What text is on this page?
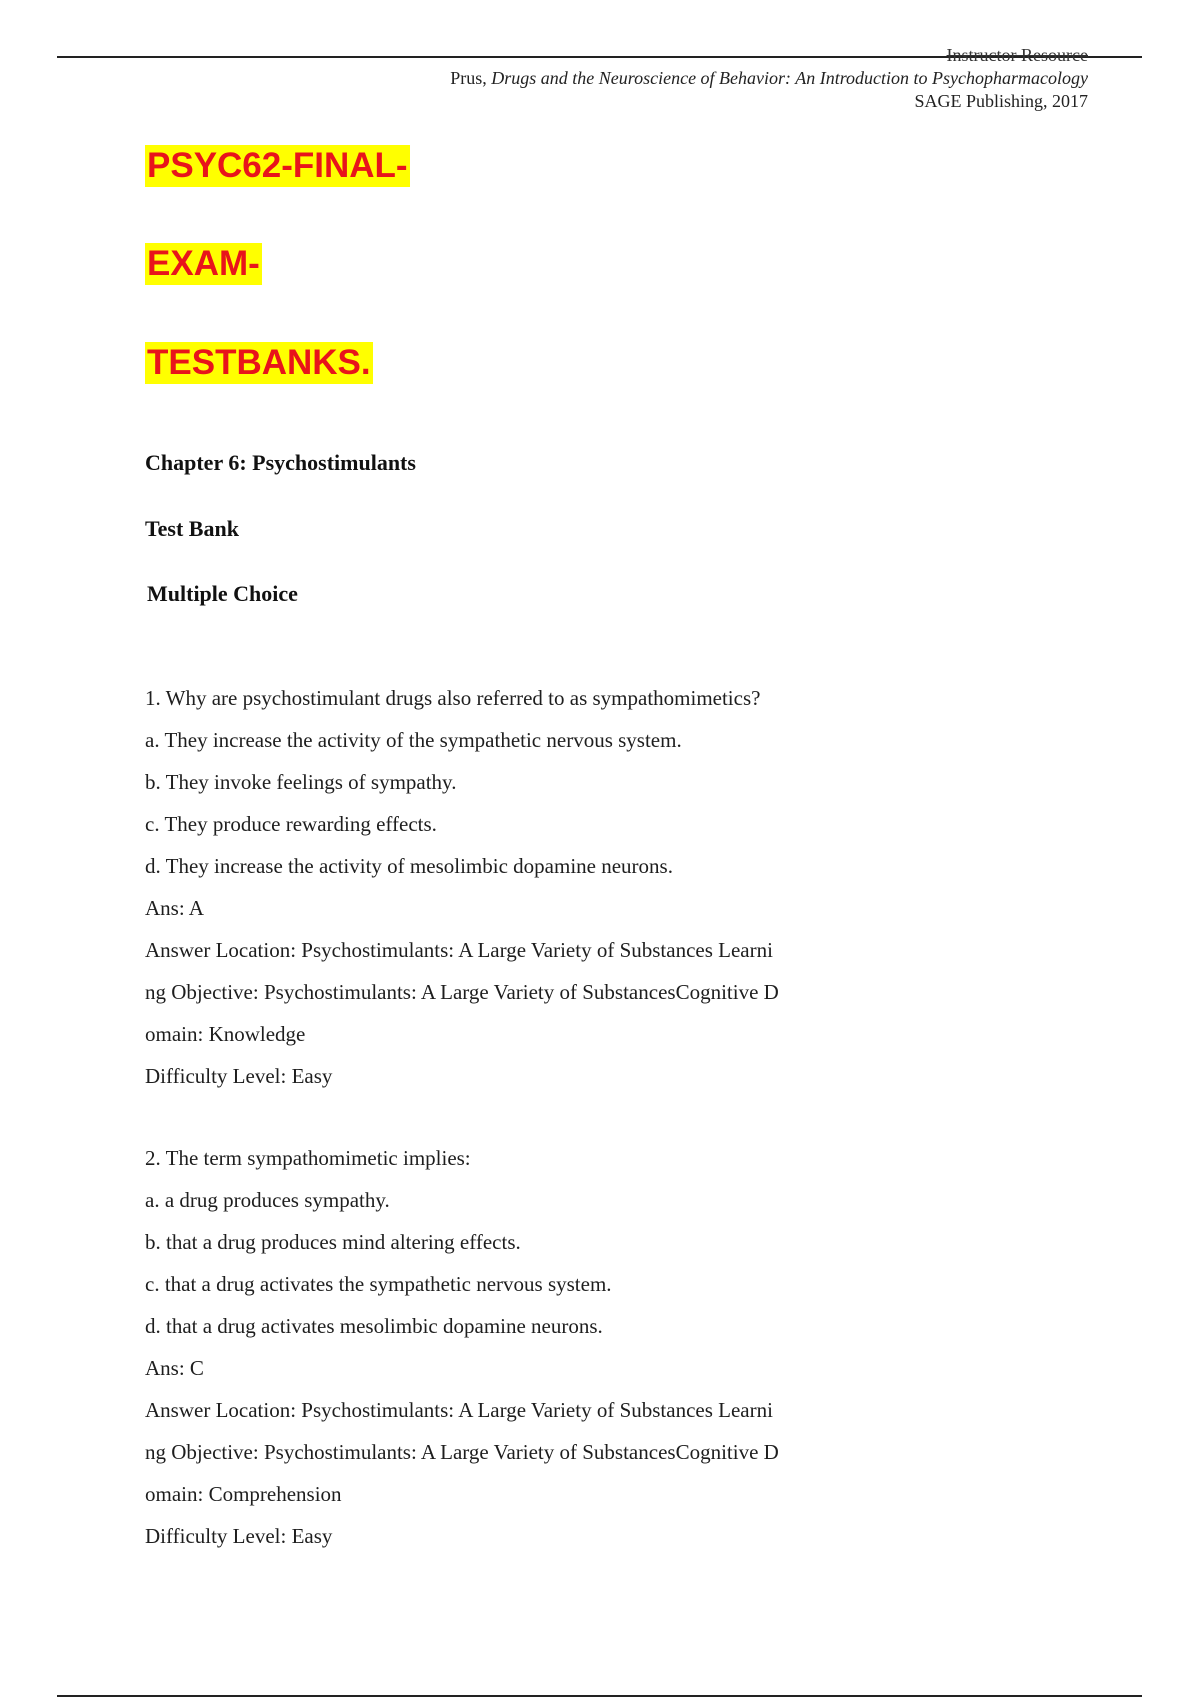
Instructor Resource
Prus, Drugs and the Neuroscience of Behavior: An Introduction to Psychopharmacology
SAGE Publishing, 2017
PSYC62-FINAL-
EXAM-
TESTBANKS.
Chapter 6: Psychostimulants
Test Bank
Multiple Choice

1. Why are psychostimulant drugs also referred to as sympathomimetics?

a. They increase the activity of the sympathetic nervous system.

b. They invoke feelings of sympathy.

c. They produce rewarding effects.

d. They increase the activity of mesolimbic dopamine neurons.

Ans: A

Answer Location: Psychostimulants: A Large Variety of Substances Learni

ng Objective: Psychostimulants: A Large Variety of SubstancesCognitive D

omain: Knowledge

Difficulty Level: Easy

2. The term sympathomimetic implies:

a. a drug produces sympathy.

b. that a drug produces mind altering effects.

c. that a drug activates the sympathetic nervous system.

d. that a drug activates mesolimbic dopamine neurons.

Ans: C

Answer Location: Psychostimulants: A Large Variety of Substances Learni

ng Objective: Psychostimulants: A Large Variety of SubstancesCognitive D

omain: Comprehension

Difficulty Level: Easy
